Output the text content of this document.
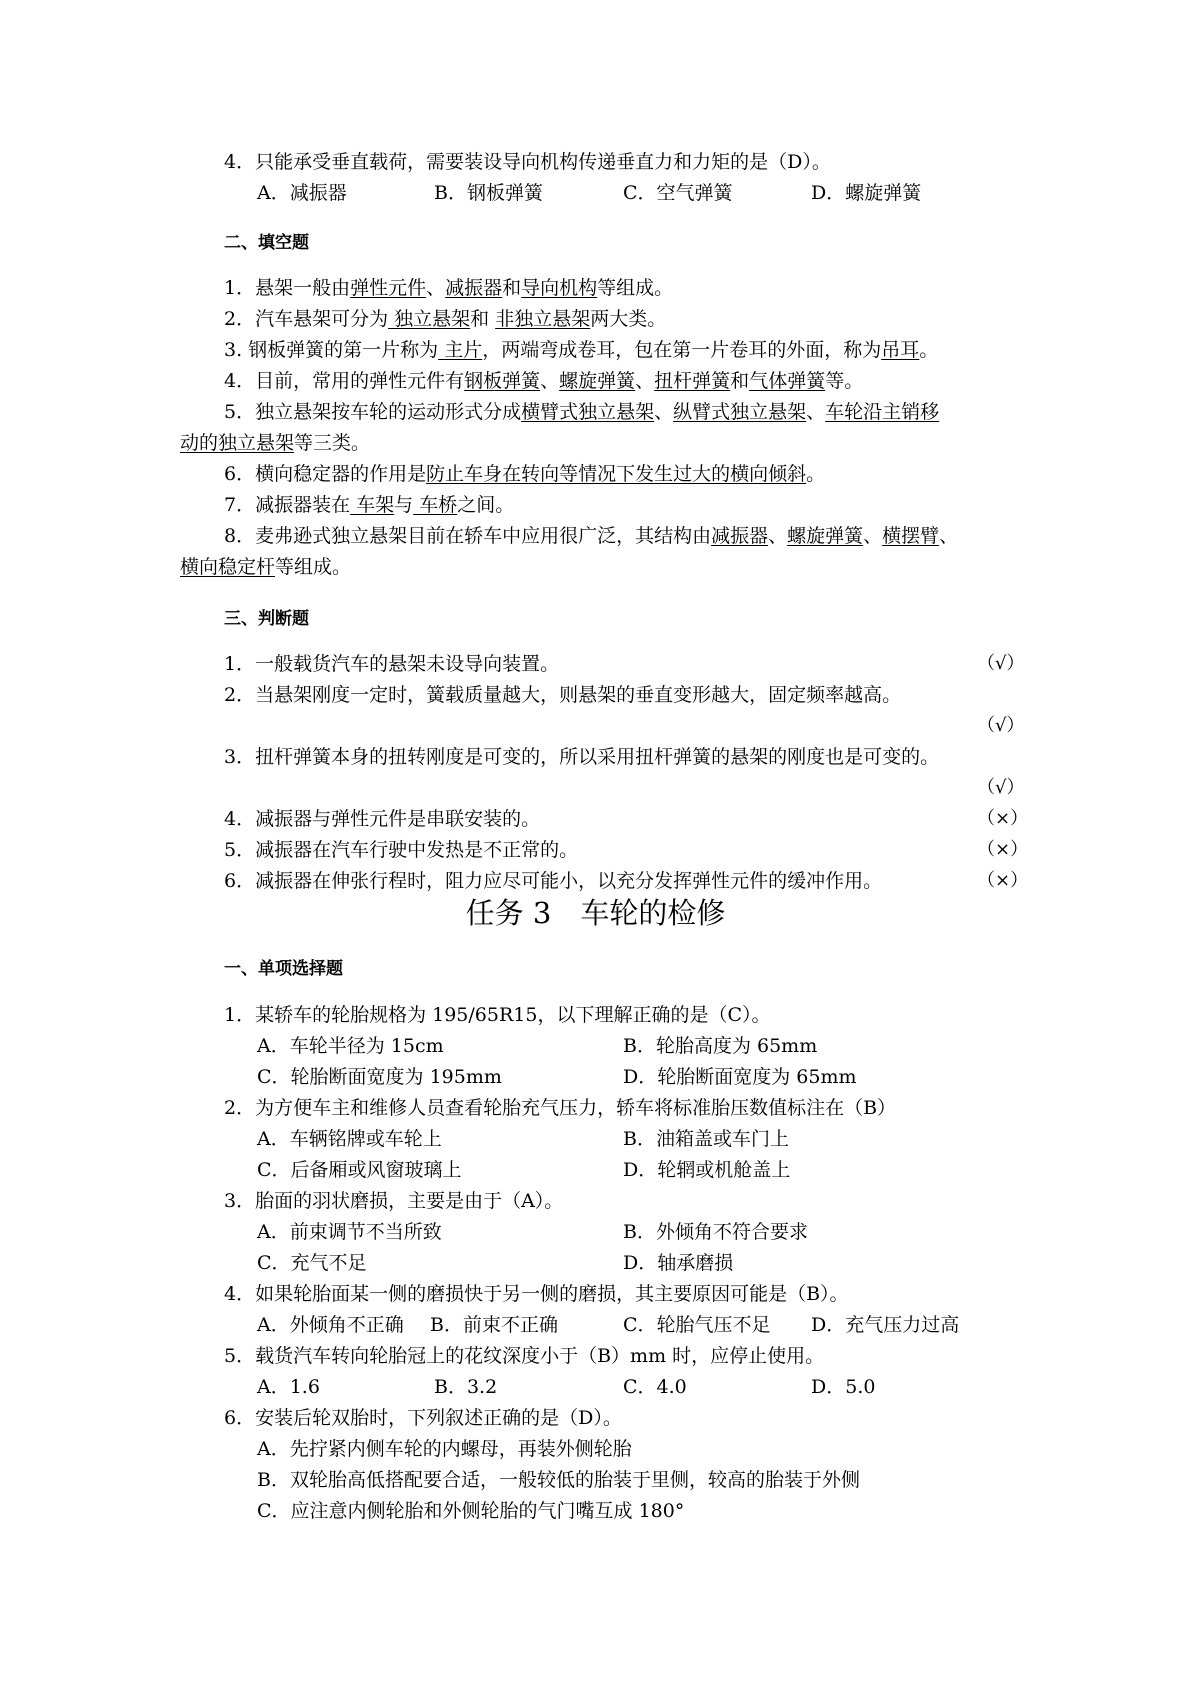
4．只能承受垂直载荷，需要装设导向机构传递垂直力和力矩的是（D）。
A．减振器	B．钢板弹簧	C．空气弹簧	D．螺旋弹簧
二、填空题
1．悬架一般由弹性元件、减振器和导向机构等组成。
2．汽车悬架可分为 独立悬架和 非独立悬架两大类。
3. 钢板弹簧的第一片称为 主片，两端弯成卷耳，包在第一片卷耳的外面，称为吊耳。
4．目前，常用的弹性元件有钢板弹簧、螺旋弹簧、扭杆弹簧和气体弹簧等。
5．独立悬架按车轮的运动形式分成横臂式独立悬架、纵臂式独立悬架、车轮沿主销移
动的独立悬架等三类。
6．横向稳定器的作用是防止车身在转向等情况下发生过大的横向倾斜。
7．减振器装在 车架与 车桥之间。
8．麦弗逊式独立悬架目前在轿车中应用很广泛，其结构由减振器、螺旋弹簧、横摆臂、
横向稳定杆等组成。
三、判断题
1．一般载货汽车的悬架未设导向装置。	（√）
2．当悬架刚度一定时，簧载质量越大，则悬架的垂直变形越大，固定频率越高。
（√）
3．扭杆弹簧本身的扭转刚度是可变的，所以采用扭杆弹簧的悬架的刚度也是可变的。
（√）
4．减振器与弹性元件是串联安装的。	（×）
5．减振器在汽车行驶中发热是不正常的。	（×）
6．减振器在伸张行程时，阻力应尽可能小，以充分发挥弹性元件的缓冲作用。	（×）
任务 3　车轮的检修
一、单项选择题
1．某轿车的轮胎规格为 195/65R15，以下理解正确的是（C）。
A．车轮半径为 15cm	B．轮胎高度为 65mm
C．轮胎断面宽度为 195mm	D．轮胎断面宽度为 65mm
2．为方便车主和维修人员查看轮胎充气压力，轿车将标准胎压数值标注在（B）
A．车辆铭牌或车轮上	B．油箱盖或车门上
C．后备厢或风窗玻璃上	D．轮辋或机舱盖上
3．胎面的羽状磨损，主要是由于（A）。
A．前束调节不当所致	B．外倾角不符合要求
C．充气不足	D．轴承磨损
4．如果轮胎面某一侧的磨损快于另一侧的磨损，其主要原因可能是（B）。
A．外倾角不正确 B．前束不正确	C．轮胎气压不足 D．充气压力过高
5．载货汽车转向轮胎冠上的花纹深度小于（B）mm 时，应停止使用。
A．1.6	B．3.2	C．4.0	D．5.0
6．安装后轮双胎时，下列叙述正确的是（D）。
A．先拧紧内侧车轮的内螺母，再装外侧轮胎
B．双轮胎高低搭配要合适，一般较低的胎装于里侧，较高的胎装于外侧
C．应注意内侧轮胎和外侧轮胎的气门嘴互成 180°
